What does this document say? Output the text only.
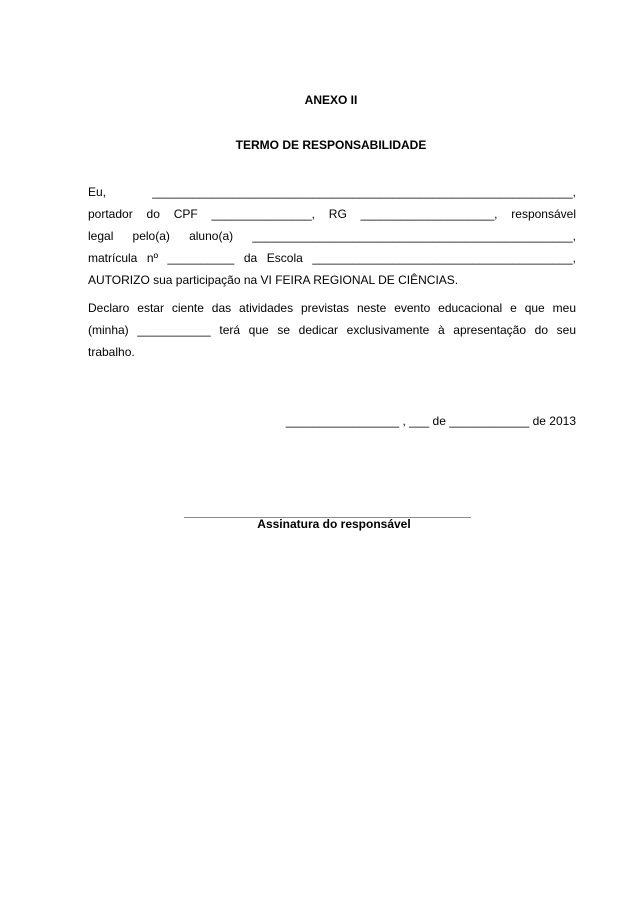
ANEXO II
TERMO DE RESPONSABILIDADE
Eu, _______________________________________________________________,
portador do CPF _______________, RG ____________________, responsável
legal pelo(a) aluno(a) ________________________________________________,
matrícula nº __________ da Escola _______________________________________,
AUTORIZO sua participação na VI FEIRA REGIONAL DE CIÊNCIAS.
Declaro estar ciente das atividades previstas neste evento educacional e que meu
(minha) ___________ terá que se dedicar exclusivamente à apresentação do seu
trabalho.
_________________ , ___ de ____________ de 2013
___________________________________________
Assinatura do responsável
